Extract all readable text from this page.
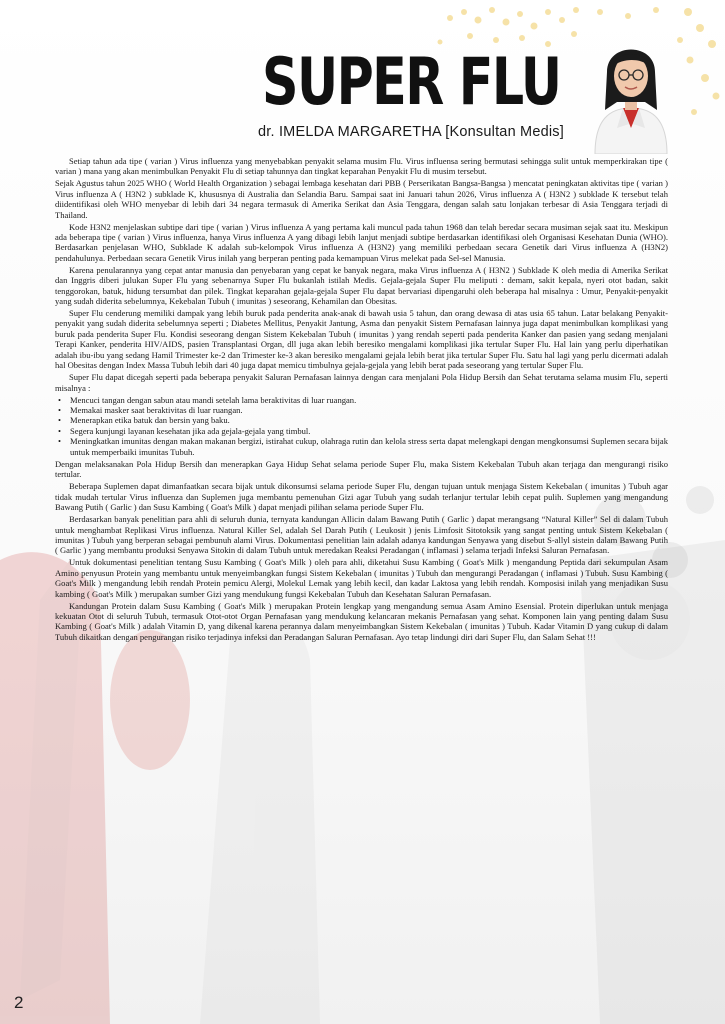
SUPER FLU
dr. IMELDA MARGARETHA [Konsultan Medis]

Setiap tahun ada tipe ( varian ) Virus influenza yang menyebabkan penyakit selama musim Flu. Virus influensa sering bermutasi sehingga sulit untuk memperkirakan tipe ( varian ) mana yang akan menimbulkan Penyakit Flu di setiap tahunnya dan tingkat keparahan Penyakit Flu di musim tersebut.

Sejak Agustus tahun 2025 WHO ( World Health Organization ) sebagai lembaga kesehatan dari PBB ( Perserikatan Bangsa-Bangsa ) mencatat peningkatan aktivitas tipe ( varian ) Virus influenza A ( H3N2 ) subklade K, khususnya di Australia dan Selandia Baru. Sampai saat ini Januari tahun 2026, Virus influenza A ( H3N2 ) subklade K tersebut telah diidentifikasi oleh WHO menyebar di lebih dari 34 negara termasuk di Amerika Serikat dan Asia Tenggara, dengan salah satu lonjakan terbesar di Asia Tenggara terjadi di Thailand.

Kode H3N2 menjelaskan subtipe dari tipe ( varian ) Virus influenza A yang pertama kali muncul pada tahun 1968 dan telah beredar secara musiman sejak saat itu. Meskipun ada beberapa tipe ( varian ) Virus influenza, hanya Virus influenza A yang dibagi lebih lanjut menjadi subtipe berdasarkan identifikasi oleh Organisasi Kesehatan Dunia (WHO). Berdasarkan penjelasan WHO, Subklade K adalah sub-kelompok Virus influenza A (H3N2) yang memiliki perbedaan secara Genetik dari Virus influenza A (H3N2) pendahulunya. Perbedaan secara Genetik Virus inilah yang berperan penting pada kemampuan Virus melekat pada Sel-sel Manusia.

Karena penularannya yang cepat antar manusia dan penyebaran yang cepat ke banyak negara, maka Virus influenza A ( H3N2 ) Subklade K oleh media di Amerika Serikat dan Inggris diberi julukan Super Flu yang sebenarnya Super Flu bukanlah istilah Medis. Gejala-gejala Super Flu meliputi : demam, sakit kepala, nyeri otot badan, sakit tenggorokan, batuk, hidung tersumbat dan pilek. Tingkat keparahan gejala-gejala Super Flu dapat bervariasi dipengaruhi oleh beberapa hal misalnya : Umur, Penyakit-penyakit yang sudah diderita sebelumnya, Kekebalan Tubuh ( imunitas ) seseorang, Kehamilan dan Obesitas.

Super Flu cenderung memiliki dampak yang lebih buruk pada penderita anak-anak di bawah usia 5 tahun, dan orang dewasa di atas usia 65 tahun. Latar belakang Penyakit-penyakit yang sudah diderita sebelumnya seperti ; Diabetes Mellitus, Penyakit Jantung, Asma dan penyakit Sistem Pernafasan lainnya juga dapat menimbulkan komplikasi yang buruk pada penderita Super Flu. Kondisi seseorang dengan Sistem Kekebalan Tubuh ( imunitas ) yang rendah seperti pada penderita Kanker dan pasien yang sedang menjalani Terapi Kanker, penderita HIV/AIDS, pasien Transplantasi Organ, dll juga akan lebih beresiko mengalami komplikasi jika tertular Super Flu. Hal lain yang perlu diperhatikan adalah ibu-ibu yang sedang Hamil Trimester ke-2 dan Trimester ke-3 akan beresiko mengalami gejala lebih berat jika tertular Super Flu. Satu hal lagi yang perlu dicermati adalah hal Obesitas dengan Index Massa Tubuh lebih dari 40 juga dapat memicu timbulnya gejala-gejala yang lebih berat pada seseorang yang tertular Super Flu.

Super Flu dapat dicegah seperti pada beberapa penyakit Saluran Pernafasan lainnya dengan cara menjalani Pola Hidup Bersih dan Sehat terutama selama musim Flu, seperti misalnya :

• Mencuci tangan dengan sabun atau mandi setelah lama beraktivitas di luar ruangan.
• Memakai masker saat beraktivitas di luar ruangan.
• Menerapkan etika batuk dan bersin yang baku.
• Segera kunjungi layanan kesehatan jika ada gejala-gejala yang timbul.
• Meningkatkan imunitas dengan makan makanan bergizi, istirahat cukup, olahraga rutin dan kelola stress serta dapat melengkapi dengan mengkonsumsi Suplemen secara bijak untuk memperbaiki imunitas Tubuh.

Dengan melaksanakan Pola Hidup Bersih dan menerapkan Gaya Hidup Sehat selama periode Super Flu, maka Sistem Kekebalan Tubuh akan terjaga dan mengurangi risiko tertular.

Beberapa Suplemen dapat dimanfaatkan secara bijak untuk dikonsumsi selama periode Super Flu, dengan tujuan untuk menjaga Sistem Kekebalan ( imunitas ) Tubuh agar tidak mudah tertular Virus influenza dan Suplemen juga membantu pemenuhan Gizi agar Tubuh yang sudah terlanjur tertular lebih cepat pulih. Suplemen yang mengandung Bawang Putih ( Garlic ) dan Susu Kambing ( Goat's Milk ) dapat menjadi pilihan selama periode Super Flu.

Berdasarkan banyak penelitian para ahli di seluruh dunia, ternyata kandungan Allicin dalam Bawang Putih ( Garlic ) dapat merangsang “Natural Killer” Sel di dalam Tubuh untuk menghambat Replikasi Virus influenza. Natural Killer Sel, adalah Sel Darah Putih ( Leukosit ) jenis Limfosit Sitotoksik yang sangat penting untuk Sistem Kekebalan ( imunitas ) Tubuh yang berperan sebagai pembunuh alami Virus. Dokumentasi penelitian lain adalah adanya kandungan Senyawa yang disebut S-allyl sistein dalam Bawang Putih ( Garlic ) yang membantu produksi Senyawa Sitokin di dalam Tubuh untuk meredakan Reaksi Peradangan ( inflamasi ) selama terjadi Infeksi Saluran Pernafasan.

Untuk dokumentasi penelitian tentang Susu Kambing ( Goat's Milk ) oleh para ahli, diketahui Susu Kambing ( Goat's Milk ) mengandung Peptida dari sekumpulan Asam Amino penyusun Protein yang membantu untuk menyeimbangkan fungsi Sistem Kekebalan ( imunitas ) Tubuh dan mengurangi Peradangan ( inflamasi ) Tubuh. Susu Kambing ( Goat's Milk ) mengandung lebih rendah Protein pemicu Alergi, Molekul Lemak yang lebih kecil, dan kadar Laktosa yang lebih rendah. Komposisi inilah yang menjadikan Susu kambing ( Goat's Milk ) merupakan sumber Gizi yang mendukung fungsi Kekebalan Tubuh dan Kesehatan Saluran Pernafasan.

Kandungan Protein dalam Susu Kambing ( Goat's Milk ) merupakan Protein lengkap yang mengandung semua Asam Amino Esensial. Protein diperlukan untuk menjaga kekuatan Otot di seluruh Tubuh, termasuk Otot-otot Organ Pernafasan yang mendukung kelancaran mekanis Pernafasan yang sehat. Komponen lain yang penting dalam Susu Kambing ( Goat's Milk ) adalah Vitamin D, yang dikenal karena perannya dalam menyeimbangkan Sistem Kekebalan ( imunitas ) Tubuh. Kadar Vitamin D yang cukup di dalam Tubuh dikaitkan dengan pengurangan risiko terjadinya infeksi dan Peradangan Saluran Pernafasan. Ayo tetap lindungi diri dari Super Flu, dan Salam Sehat !!!

2
